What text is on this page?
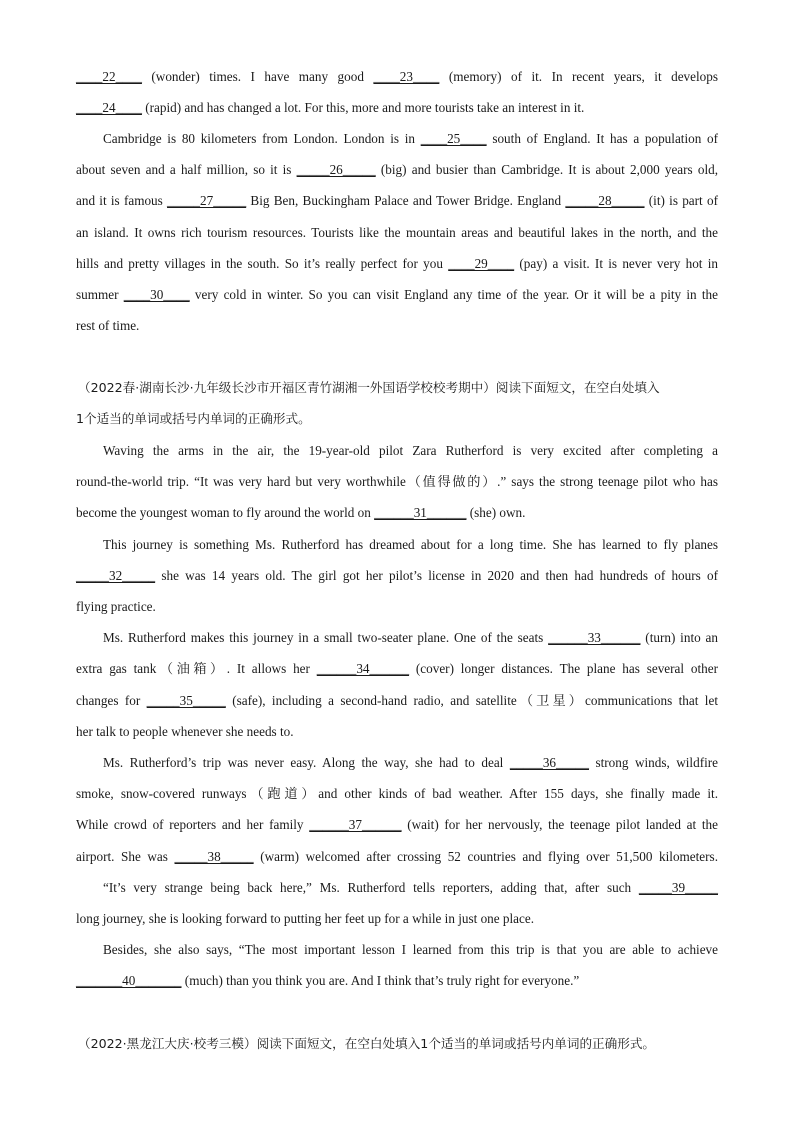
____22____ (wonder) times. I have many good ____23____ (memory) of it. In recent years, it develops
____24____ (rapid) and has changed a lot. For this, more and more tourists take an interest in it.
Cambridge is 80 kilometers from London. London is in ____25____ south of England. It has a population of
about seven and a half million, so it is _____26_____ (big) and busier than Cambridge. It is about 2,000 years old,
and it is famous _____27_____ Big Ben, Buckingham Palace and Tower Bridge. England _____28_____ (it) is part of
an island. It owns rich tourism resources. Tourists like the mountain areas and beautiful lakes in the north, and the
hills and pretty villages in the south. So it’s really perfect for you ____29____ (pay) a visit. It is never very hot in
summer ____30____ very cold in winter. So you can visit England any time of the year. Or it will be a pity in the
rest of time.
（2022春·湖南长沙·九年级长沙市开福区青竹湖湘一外国语学校校考期中）阅读下面短文，在空白处填入
1个适当的单词或括号内单词的正确形式。
Waving the arms in the air, the 19-year-old pilot Zara Rutherford is very excited after completing a
round-the-world trip. “It was very hard but very worthwhile（值得做的）.” says the strong teenage pilot who has
become the youngest woman to fly around the world on ______31______ (she) own.
This journey is something Ms. Rutherford has dreamed about for a long time. She has learned to fly planes
_____32_____ she was 14 years old. The girl got her pilot’s license in 2020 and then had hundreds of hours of
flying practice.
Ms. Rutherford makes this journey in a small two-seater plane. One of the seats ______33______ (turn) into an
extra gas tank（油箱）. It allows her ______34______ (cover) longer distances. The plane has several other
changes for _____35_____ (safe), including a second-hand radio, and satellite（卫星）communications that let
her talk to people whenever she needs to.
Ms. Rutherford’s trip was never easy. Along the way, she had to deal _____36_____ strong winds, wildfire
smoke, snow-covered runways（跑道）and other kinds of bad weather. After 155 days, she finally made it.
While crowd of reporters and her family ______37______ (wait) for her nervously, the teenage pilot landed at the
airport. She was _____38_____ (warm) welcomed after crossing 52 countries and flying over 51,500 kilometers.
“It’s very strange being back here,” Ms. Rutherford tells reporters, adding that, after such _____39_____
long journey, she is looking forward to putting her feet up for a while in just one place.
Besides, she also says, “The most important lesson I learned from this trip is that you are able to achieve
_______40_______ (much) than you think you are. And I think that’s truly right for everyone.”
（2022·黑龙江大庆·校考三模）阅读下面短文，在空白处填入1个适当的单词或括号内单词的正确形式。
